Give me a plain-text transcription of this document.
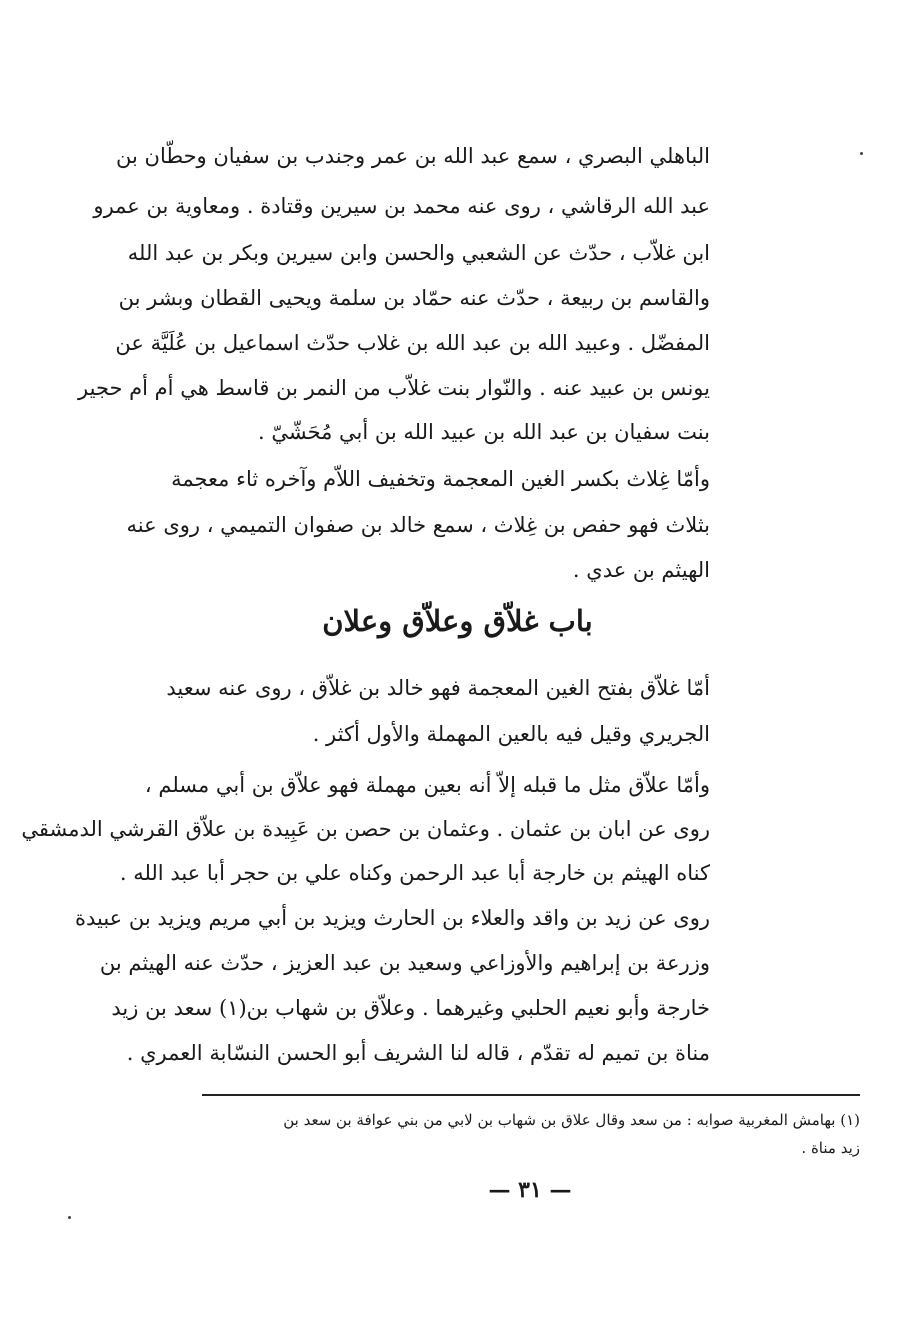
الباهلي البصري ، سمع عبد الله بن عمر وجندب بن سفيان وحطّان بن
عبد الله الرقاشي ، روى عنه محمد بن سيرين وقتادة . ومعاوية بن عمرو
ابن غلاّب ، حدّث عن الشعبي والحسن وابن سيرين وبكر بن عبد الله
والقاسم بن ربيعة ، حدّث عنه حمّاد بن سلمة ويحيى القطان وبشر بن
المفضّل . وعبيد الله بن عبد الله بن غلاب حدّث اسماعيل بن عُلَيَّة عن
يونس بن عبيد عنه . والنّوار بنت غلاّب من النمر بن قاسط هي أم أم حجير
بنت سفيان بن عبد الله بن عبيد الله بن أبي مُحَشّيّ .
وأمّا غِلاث بكسر الغين المعجمة وتخفيف اللاّم وآخره ثاء معجمة
بثلاث فهو حفص بن غِلاث ، سمع خالد بن صفوان التميمي ، روى عنه
الهيثم بن عدي .
باب غلاّق وعلاّق وعلان
أمّا غلاّق بفتح الغين المعجمة فهو خالد بن غلاّق ، روى عنه سعيد
الجريري وقيل فيه بالعين المهملة والأول أكثر .
وأمّا علاّق مثل ما قبله إلاّ أنه بعين مهملة فهو علاّق بن أبي مسلم ،
روى عن ابان بن عثمان . وعثمان بن حصن بن عَبِيدة بن علاّق القرشي الدمشقي
كناه الهيثم بن خارجة أبا عبد الرحمن وكناه علي بن حجر أبا عبد الله .
روى عن زيد بن واقد والعلاء بن الحارث ويزيد بن أبي مريم ويزيد بن عبيدة
وزرعة بن إبراهيم والأوزاعي وسعيد بن عبد العزيز ، حدّث عنه الهيثم بن
خارجة وأبو نعيم الحلبي وغيرهما . وعلاّق بن شهاب بن(١) سعد بن زيد
مناة بن تميم له تقدّم ، قاله لنا الشريف أبو الحسن النسّابة العمري .
(١) بهامش المغربية صوابه : من سعد وقال علاق بن شهاب بن لابي من بني عوافة بن سعد بن
زيد مناة .
— ٣١ —
